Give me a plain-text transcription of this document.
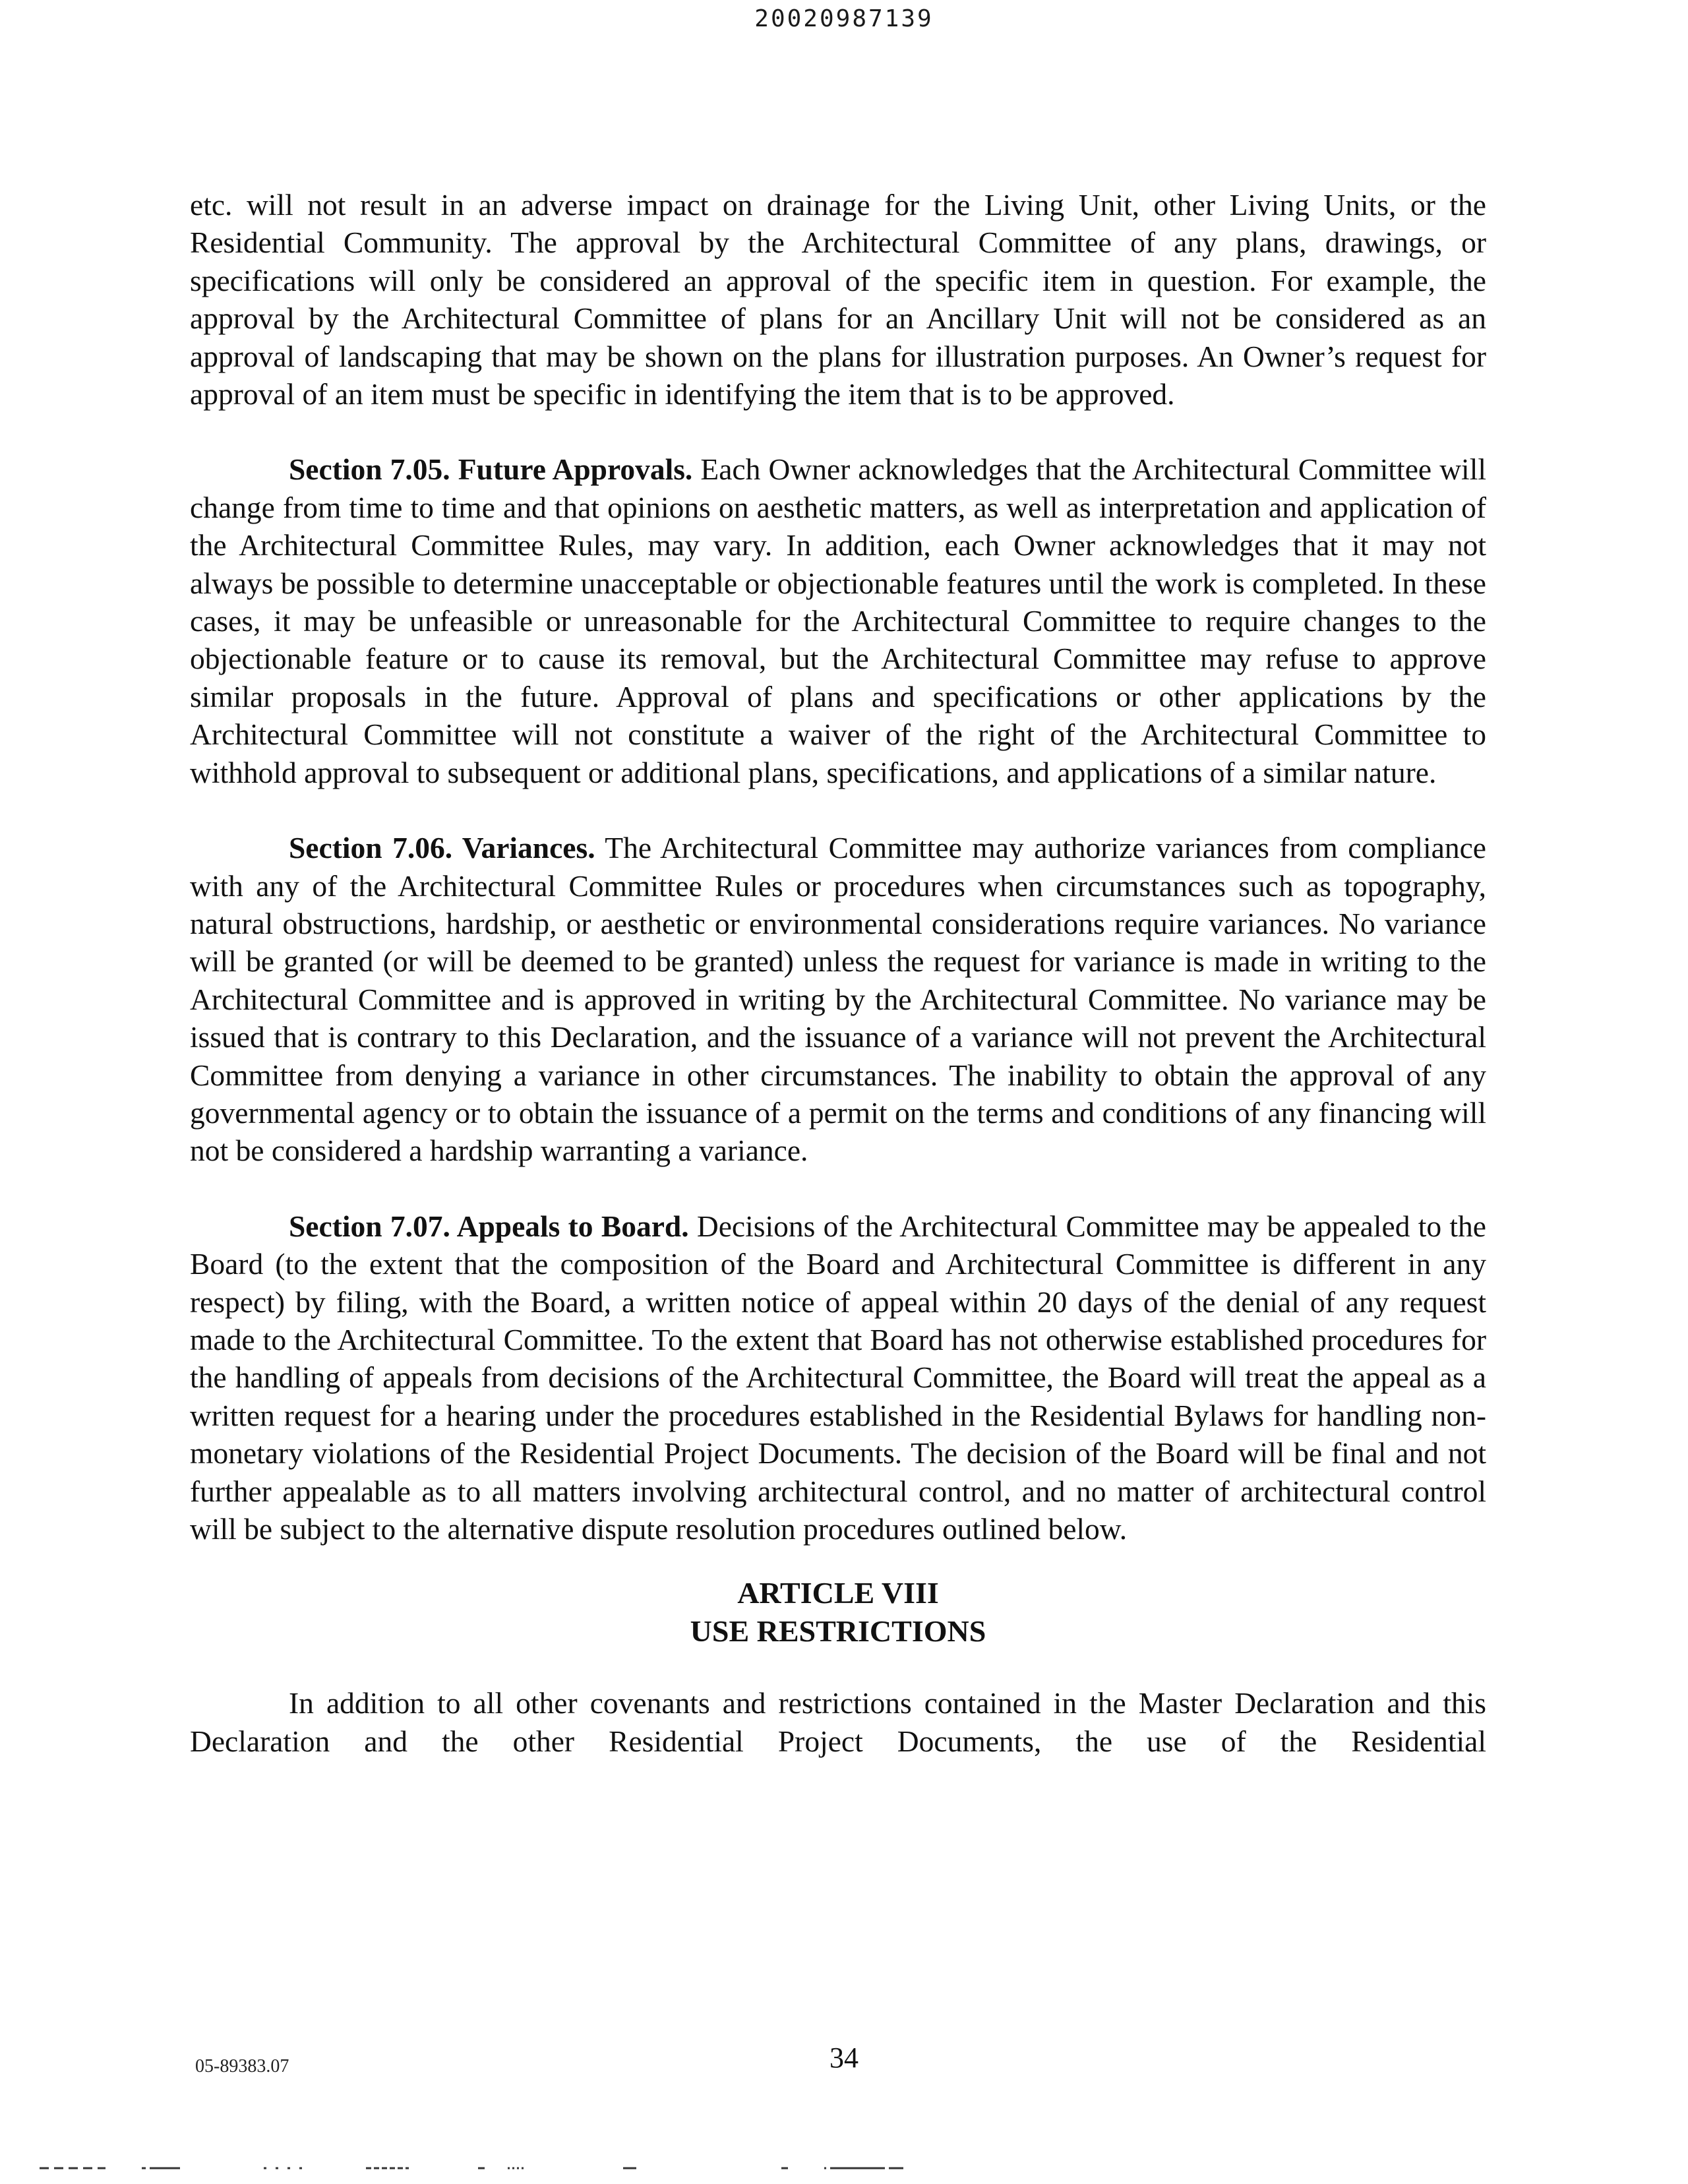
20020987139

etc. will not result in an adverse impact on drainage for the Living Unit, other Living Units, or the Residential Community. The approval by the Architectural Committee of any plans, drawings, or specifications will only be considered an approval of the specific item in question. For example, the approval by the Architectural Committee of plans for an Ancillary Unit will not be considered as an approval of landscaping that may be shown on the plans for illustration purposes. An Owner’s request for approval of an item must be specific in identifying the item that is to be approved.

Section 7.05. Future Approvals. Each Owner acknowledges that the Architectural Committee will change from time to time and that opinions on aesthetic matters, as well as interpretation and application of the Architectural Committee Rules, may vary. In addition, each Owner acknowledges that it may not always be possible to determine unacceptable or objectionable features until the work is completed. In these cases, it may be unfeasible or unreasonable for the Architectural Committee to require changes to the objectionable feature or to cause its removal, but the Architectural Committee may refuse to approve similar proposals in the future. Approval of plans and specifications or other applications by the Architectural Committee will not constitute a waiver of the right of the Architectural Committee to withhold approval to subsequent or additional plans, specifications, and applications of a similar nature.

Section 7.06. Variances. The Architectural Committee may authorize variances from compliance with any of the Architectural Committee Rules or procedures when circumstances such as topography, natural obstructions, hardship, or aesthetic or environmental considerations require variances. No variance will be granted (or will be deemed to be granted) unless the request for variance is made in writing to the Architectural Committee and is approved in writing by the Architectural Committee. No variance may be issued that is contrary to this Declaration, and the issuance of a variance will not prevent the Architectural Committee from denying a variance in other circumstances. The inability to obtain the approval of any governmental agency or to obtain the issuance of a permit on the terms and conditions of any financing will not be considered a hardship warranting a variance.

Section 7.07. Appeals to Board. Decisions of the Architectural Committee may be appealed to the Board (to the extent that the composition of the Board and Architectural Committee is different in any respect) by filing, with the Board, a written notice of appeal within 20 days of the denial of any request made to the Architectural Committee. To the extent that Board has not otherwise established procedures for the handling of appeals from decisions of the Architectural Committee, the Board will treat the appeal as a written request for a hearing under the procedures established in the Residential Bylaws for handling non-monetary violations of the Residential Project Documents. The decision of the Board will be final and not further appealable as to all matters involving architectural control, and no matter of architectural control will be subject to the alternative dispute resolution procedures outlined below.

ARTICLE VIII

USE RESTRICTIONS

In addition to all other covenants and restrictions contained in the Master Declaration and this Declaration and the other Residential Project Documents, the use of the Residential

05-89383.07	34
